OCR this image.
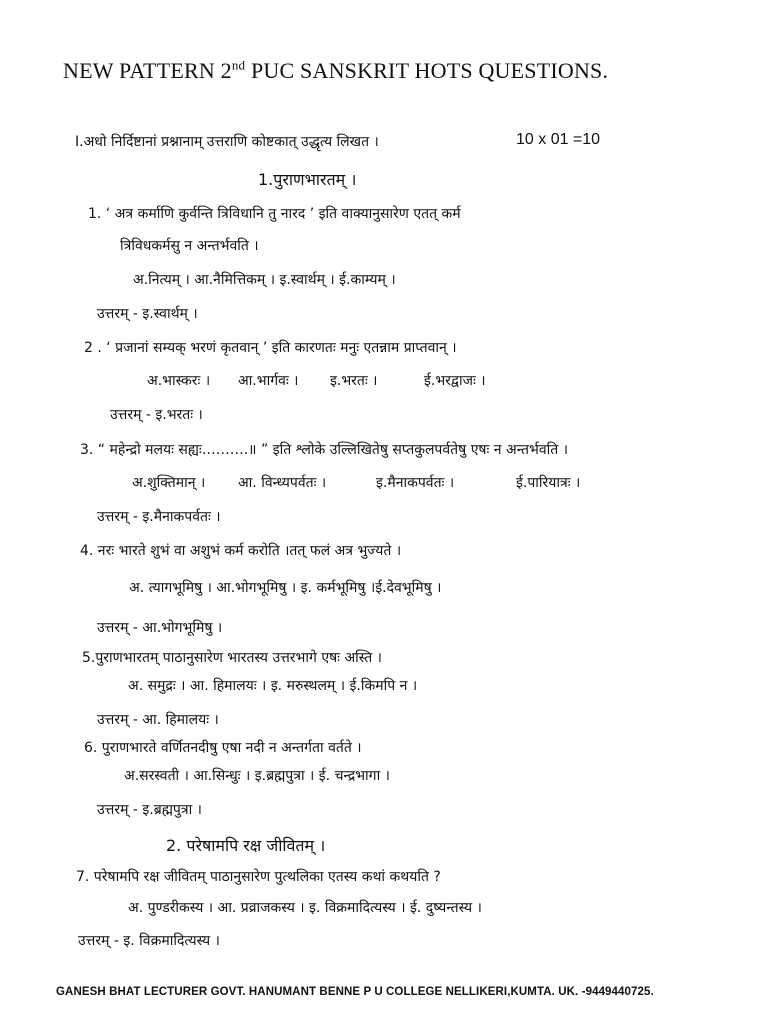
NEW PATTERN 2nd PUC SANSKRIT HOTS QUESTIONS.
I.अधो निर्दिष्टानां प्रश्नानाम् उत्तराणि कोष्टकात् उद्धृत्य लिखत ।	10 x 01 =10
1.पुराणभारतम् ।
1. ‘ अत्र कर्माणि कुर्वन्ति त्रिविधानि तु नारद ’ इति वाक्यानुसारेण एतत् कर्म
त्रिविधकर्मसु न अन्तर्भवति ।
अ.नित्यम् । आ.नैमित्तिकम् । इ.स्वार्थम् । ई.काम्यम् ।
उत्तरम् - इ.स्वार्थम् ।
2 . ‘ प्रजानां सम्यक् भरणं कृतवान् ’ इति कारणतः मनुः एतन्नाम प्राप्तवान् ।
अ.भास्करः । आ.भार्गवः । इ.भरतः ।	ई.भरद्वाजः ।
उत्तरम् - इ.भरतः ।
3. “ महेन्द्रो मलयः सह्यः……….॥ ” इति श्लोके उल्लिखितेषु सप्तकुलपर्वतेषु एषः न अन्तर्भवति ।
अ.शुक्तिमान् । आ. विन्ध्यपर्वतः ।	इ.मैनाकपर्वतः ।	ई.पारियात्रः ।
उत्तरम् - इ.मैनाकपर्वतः ।
4. नरः भारते शुभं वा अशुभं कर्म करोति ।तत् फलं अत्र भुज्यते ।
अ. त्यागभूमिषु । आ.भोगभूमिषु । इ. कर्मभूमिषु ।ई.देवभूमिषु ।
उत्तरम् - आ.भोगभूमिषु ।
5.पुराणभारतम् पाठानुसारेण भारतस्य उत्तरभागे एषः अस्ति ।
अ. समुद्रः । आ. हिमालयः । इ. मरुस्थलम् । ई.किमपि न ।
उत्तरम् - आ. हिमालयः ।
6. पुराणभारते वर्णितनदीषु एषा नदी न अन्तर्गता वर्तते ।
अ.सरस्वती । आ.सिन्धुः । इ.ब्रह्मपुत्रा । ई. चन्द्रभागा ।
उत्तरम् - इ.ब्रह्मपुत्रा ।
2. परेषामपि रक्ष जीवितम् ।
7. परेषामपि रक्ष जीवितम् पाठानुसारेण पुत्थलिका एतस्य कथां कथयति ?
अ. पुण्डरीकस्य । आ. प्रव्राजकस्य । इ. विक्रमादित्यस्य । ई. दुष्यन्तस्य ।
उत्तरम् - इ. विक्रमादित्यस्य ।
GANESH BHAT LECTURER GOVT. HANUMANT BENNE P U COLLEGE NELLIKERI,KUMTA. UK. -9449440725.
